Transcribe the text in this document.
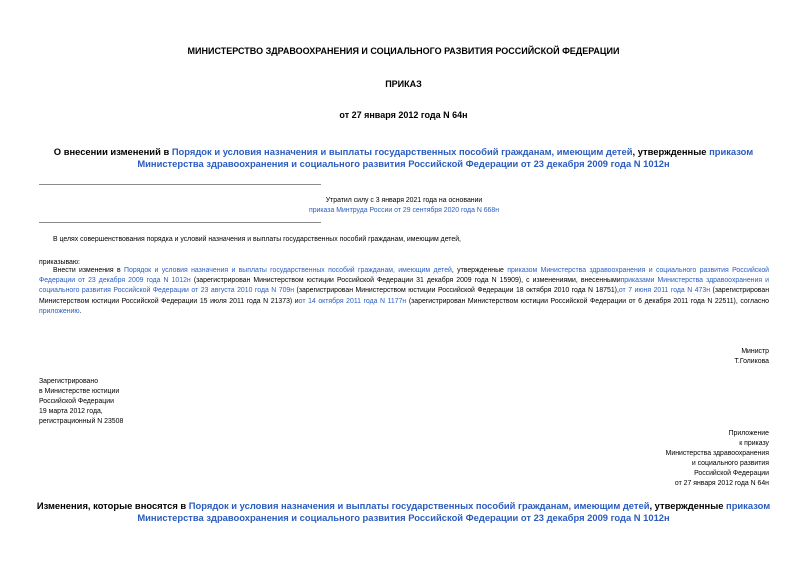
МИНИСТЕРСТВО ЗДРАВООХРАНЕНИЯ И СОЦИАЛЬНОГО РАЗВИТИЯ РОССИЙСКОЙ ФЕДЕРАЦИИ
ПРИКАЗ
от 27 января 2012 года N 64н
О внесении изменений в Порядок и условия назначения и выплаты государственных пособий гражданам, имеющим детей, утвержденные приказом Министерства здравоохранения и социального развития Российской Федерации от 23 декабря 2009 года N 1012н
Утратил силу с 3 января 2021 года на основании
приказа Минтруда России от 29 сентября 2020 года N 668н
В целях совершенствования порядка и условий назначения и выплаты государственных пособий гражданам, имеющим детей,
приказываю:
Внести изменения в Порядок и условия назначения и выплаты государственных пособий гражданам, имеющим детей, утвержденные приказом Министерства здравоохранения и социального развития Российской Федерации от 23 декабря 2009 года N 1012н (зарегистрирован Министерством юстиции Российской Федерации 31 декабря 2009 года N 15909), с изменениями, внесеннымиприказами Министерства здравоохранения и социального развития Российской Федерации от 23 августа 2010 года N 709н (зарегистрирован Министерством юстиции Российской Федерации 18 октября 2010 года N 18751),от 7 июня 2011 года N 473н (зарегистрирован Министерством юстиции Российской Федерации 15 июля 2011 года N 21373) иот 14 октября 2011 года N 1177н (зарегистрирован Министерством юстиции Российской Федерации от 6 декабря 2011 года N 22511), согласно приложению.
Министр
Т.Голикова
Зарегистрировано
в Министерстве юстиции
Российской Федерации
19 марта 2012 года,
регистрационный N 23508
Приложение
к приказу
Министерства здравоохранения
и социального развития
Российской Федерации
от 27 января 2012 года N 64н
Изменения, которые вносятся в Порядок и условия назначения и выплаты государственных пособий гражданам, имеющим детей, утвержденные приказом Министерства здравоохранения и социального развития Российской Федерации от 23 декабря 2009 года N 1012н
